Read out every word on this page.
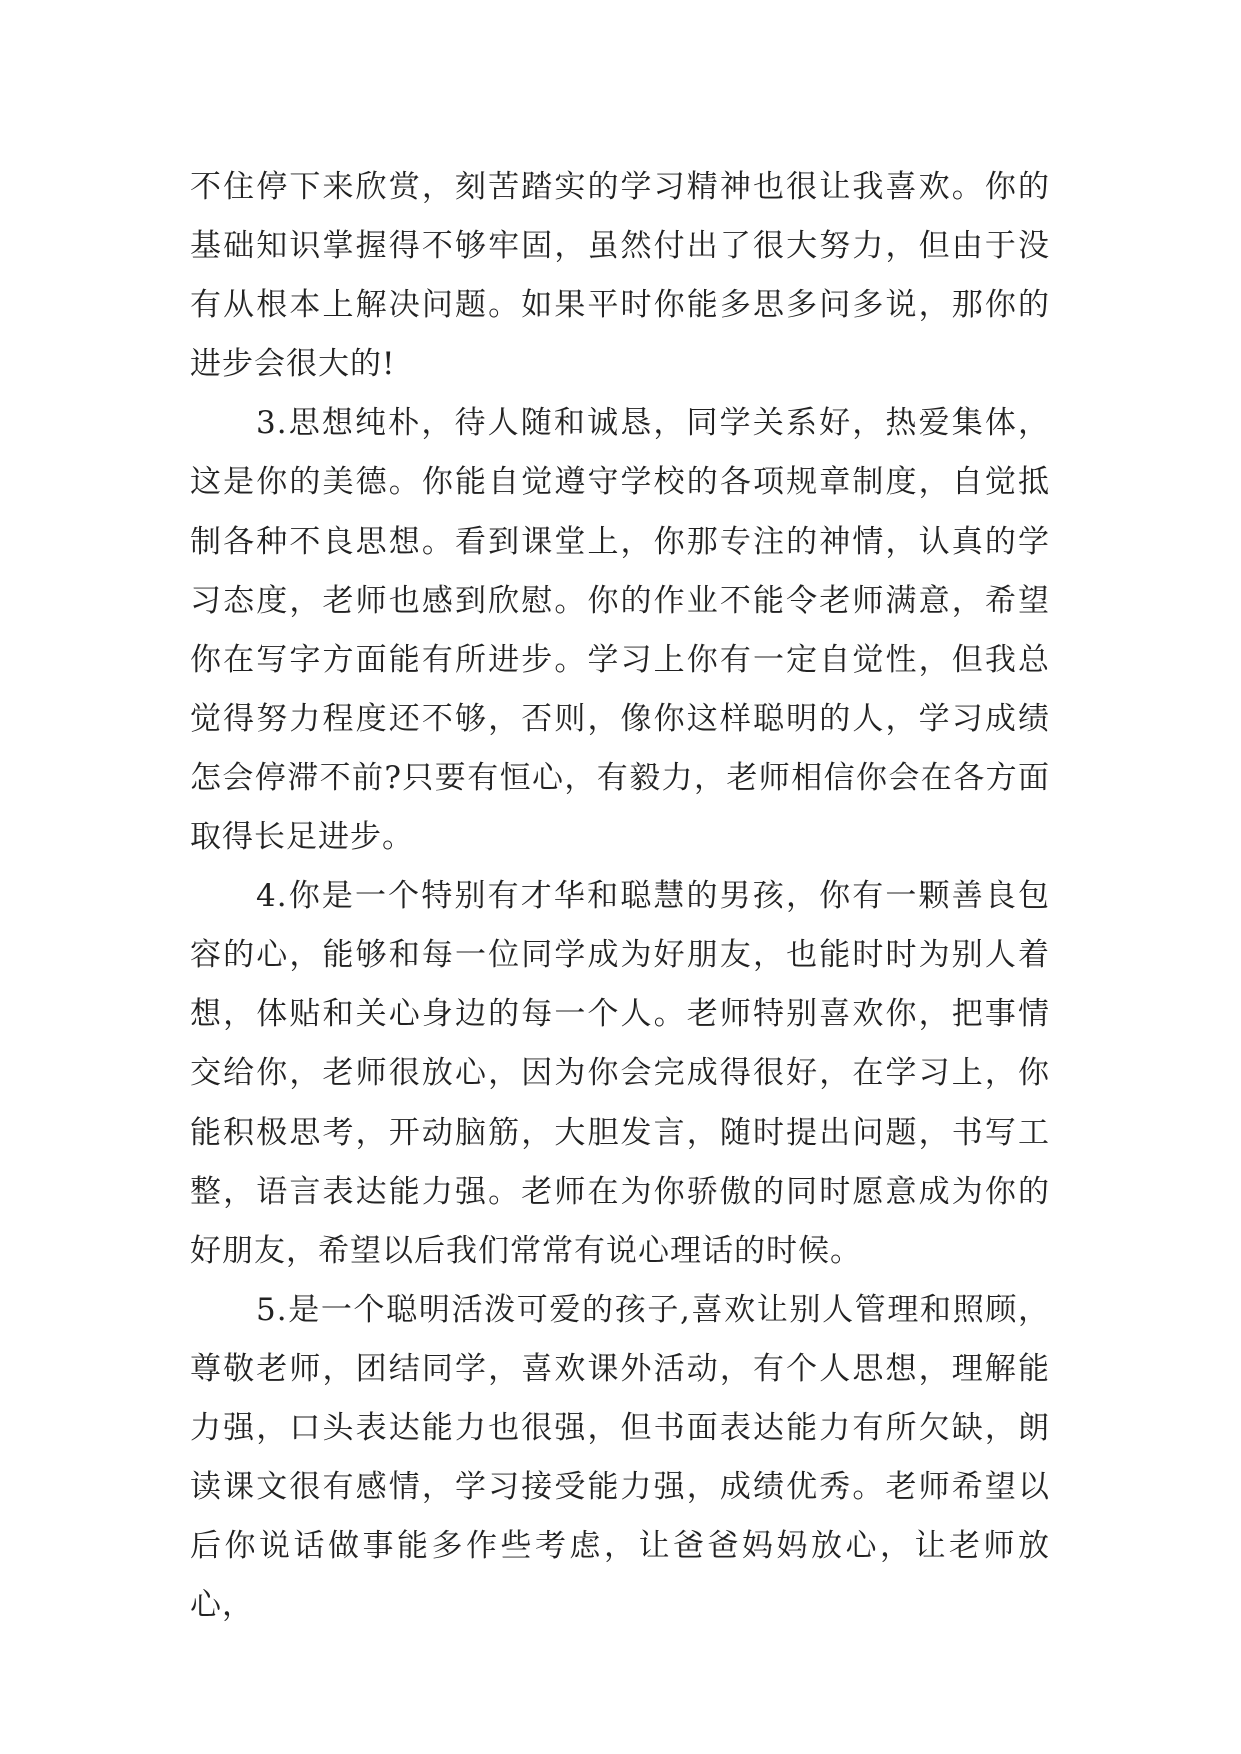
不住停下来欣赏，刻苦踏实的学习精神也很让我喜欢。你的基础知识掌握得不够牢固，虽然付出了很大努力，但由于没有从根本上解决问题。如果平时你能多思多问多说，那你的进步会很大的!

3.思想纯朴，待人随和诚恳，同学关系好，热爱集体，这是你的美德。你能自觉遵守学校的各项规章制度，自觉抵制各种不良思想。看到课堂上，你那专注的神情，认真的学习态度，老师也感到欣慰。你的作业不能令老师满意，希望你在写字方面能有所进步。学习上你有一定自觉性，但我总觉得努力程度还不够，否则，像你这样聪明的人，学习成绩怎会停滞不前?只要有恒心，有毅力，老师相信你会在各方面取得长足进步。

4.你是一个特别有才华和聪慧的男孩，你有一颗善良包容的心，能够和每一位同学成为好朋友，也能时时为别人着想，体贴和关心身边的每一个人。老师特别喜欢你，把事情交给你，老师很放心，因为你会完成得很好，在学习上，你能积极思考，开动脑筋，大胆发言，随时提出问题，书写工整，语言表达能力强。老师在为你骄傲的同时愿意成为你的好朋友，希望以后我们常常有说心理话的时候。

5.是一个聪明活泼可爱的孩子,喜欢让别人管理和照顾，尊敬老师，团结同学，喜欢课外活动，有个人思想，理解能力强，口头表达能力也很强，但书面表达能力有所欠缺，朗读课文很有感情，学习接受能力强，成绩优秀。老师希望以后你说话做事能多作些考虑，让爸爸妈妈放心，让老师放心，
